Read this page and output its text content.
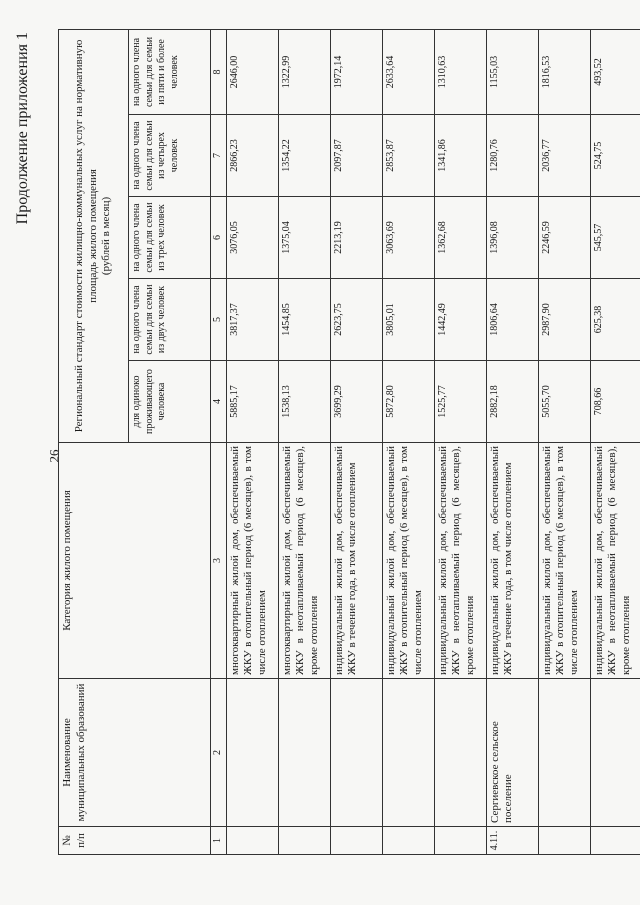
26
Продолжение приложения 1
№ п/п	Наименование муниципальных образований	Категория жилого помещения	Региональный стандарт стоимости жилищно-коммунальных услуг на нормативную площадь жилого помещения (рублей в месяц)				
			для одиноко проживающего человека	на одного члена семьи для семьи из двух человек	на одного члена семьи для семьи из трех человек	на одного члена семьи для семьи из четырех человек	на одного члена семьи для семьи из пяти и более человек
1	2	3	4	5	6	7	8
		многоквартирный жилой дом, обеспечиваемый ЖКУ в отопительный период (6 месяцев), в том числе отоплением	5885,17	3817,37	3076,05	2866,23	2646,00
		многоквартирный жилой дом, обеспечиваемый ЖКУ в неотапливаемый период (6 месяцев), кроме отопления	1538,13	1454,85	1375,04	1354,22	1322,99
		индивидуальный жилой дом, обеспечиваемый ЖКУ в течение года, в том числе отоплением	3699,29	2623,75	2213,19	2097,87	1972,14
		индивидуальный жилой дом, обеспечиваемый ЖКУ в отопительный период (6 месяцев), в том числе отоплением	5872,80	3805,01	3063,69	2853,87	2633,64
		индивидуальный жилой дом, обеспечиваемый ЖКУ в неотапливаемый период (6 месяцев), кроме отопления	1525,77	1442,49	1362,68	1341,86	1310,63
4.11.	Сергиевское сельское поселение	индивидуальный жилой дом, обеспечиваемый ЖКУ в течение года, в том числе отоплением	2882,18	1806,64	1396,08	1280,76	1155,03
		индивидуальный жилой дом, обеспечиваемый ЖКУ в отопительный период (6 месяцев), в том числе отоплением	5055,70	2987,90	2246,59	2036,77	1816,53
		индивидуальный жилой дом, обеспечиваемый ЖКУ в неотапливаемый период (6 месяцев), кроме отопления	708,66	625,38	545,57	524,75	493,52
